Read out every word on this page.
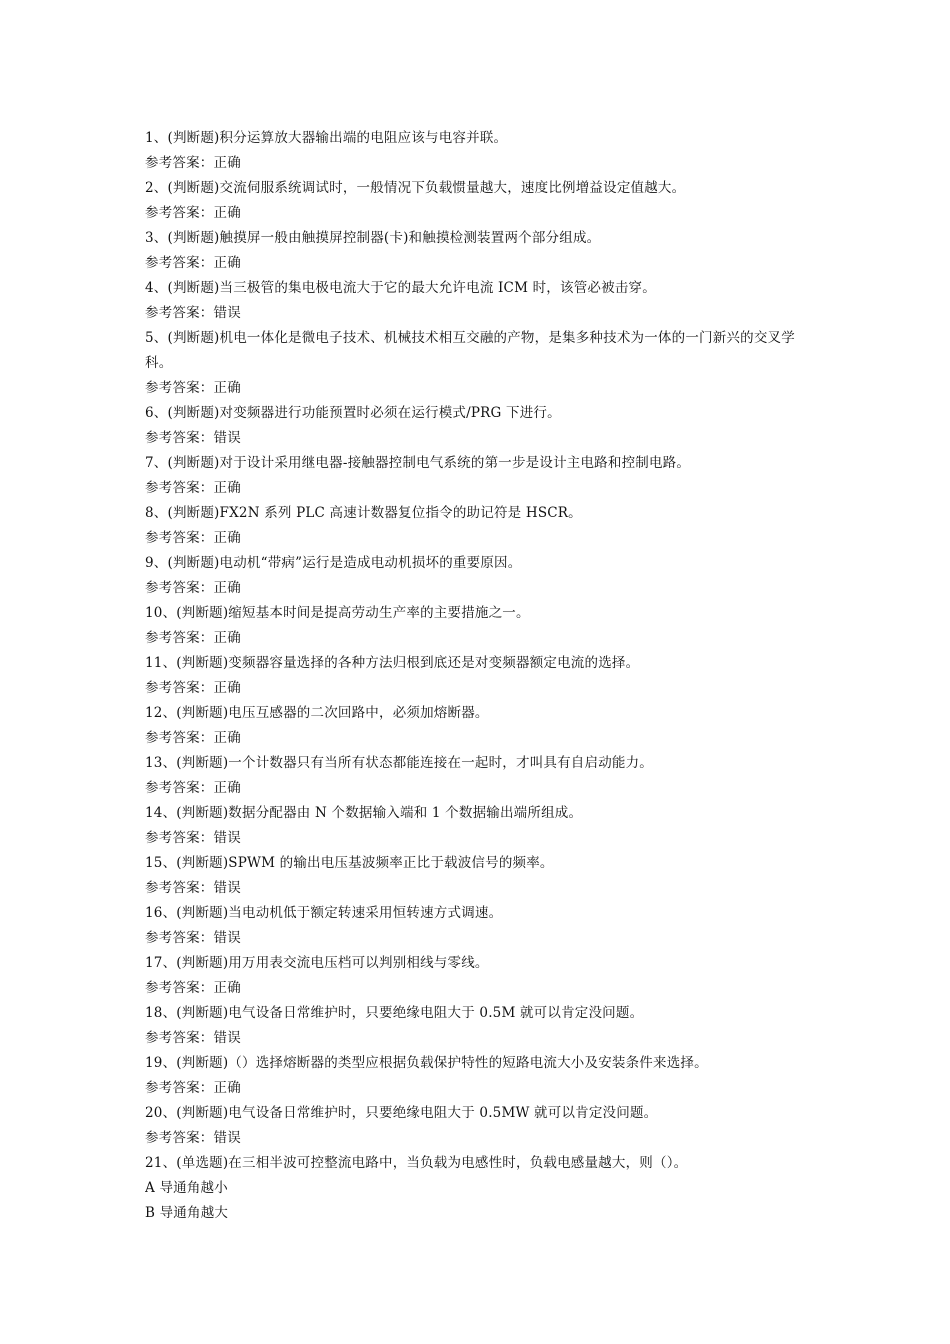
1、(判断题)积分运算放大器输出端的电阻应该与电容并联。
参考答案：正确
2、(判断题)交流伺服系统调试时，一般情况下负载惯量越大，速度比例增益设定值越大。
参考答案：正确
3、(判断题)触摸屏一般由触摸屏控制器(卡)和触摸检测装置两个部分组成。
参考答案：正确
4、(判断题)当三极管的集电极电流大于它的最大允许电流 ICM 时，该管必被击穿。
参考答案：错误
5、(判断题)机电一体化是微电子技术、机械技术相互交融的产物，是集多种技术为一体的一门新兴的交叉学科。
参考答案：正确
6、(判断题)对变频器进行功能预置时必须在运行模式/PRG 下进行。
参考答案：错误
7、(判断题)对于设计采用继电器-接触器控制电气系统的第一步是设计主电路和控制电路。
参考答案：正确
8、(判断题)FX2N 系列 PLC 高速计数器复位指令的助记符是 HSCR。
参考答案：正确
9、(判断题)电动机“带病”运行是造成电动机损坏的重要原因。
参考答案：正确
10、(判断题)缩短基本时间是提高劳动生产率的主要措施之一。
参考答案：正确
11、(判断题)变频器容量选择的各种方法归根到底还是对变频器额定电流的选择。
参考答案：正确
12、(判断题)电压互感器的二次回路中，必须加熔断器。
参考答案：正确
13、(判断题)一个计数器只有当所有状态都能连接在一起时，才叫具有自启动能力。
参考答案：正确
14、(判断题)数据分配器由 N 个数据输入端和 1 个数据输出端所组成。
参考答案：错误
15、(判断题)SPWM 的输出电压基波频率正比于载波信号的频率。
参考答案：错误
16、(判断题)当电动机低于额定转速采用恒转速方式调速。
参考答案：错误
17、(判断题)用万用表交流电压档可以判别相线与零线。
参考答案：正确
18、(判断题)电气设备日常维护时，只要绝缘电阻大于 0.5M 就可以肯定没问题。
参考答案：错误
19、(判断题)（）选择熔断器的类型应根据负载保护特性的短路电流大小及安装条件来选择。
参考答案：正确
20、(判断题)电气设备日常维护时，只要绝缘电阻大于 0.5MW 就可以肯定没问题。
参考答案：错误
21、(单选题)在三相半波可控整流电路中，当负载为电感性时，负载电感量越大，则（）。
A 导通角越小
B 导通角越大
